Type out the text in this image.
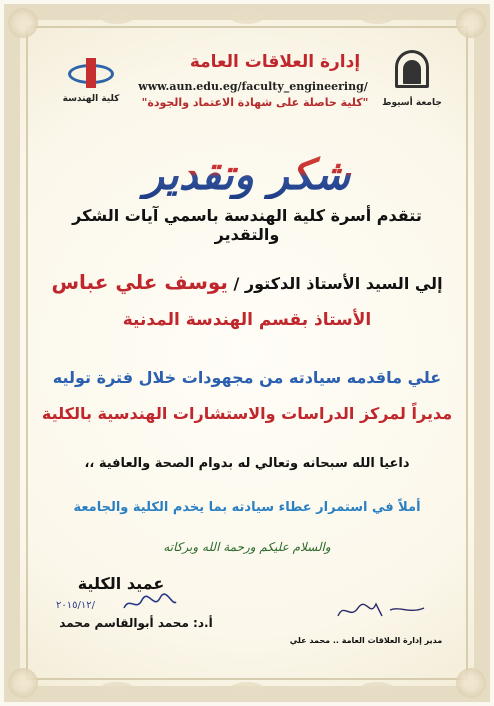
كلية الهندسة
إدارة العلاقات العامة
www.aun.edu.eg/faculty_engineering/
"كلية حاصلة على شهادة الاعتماد والجودة" جامعة أسيوط
شكر وتقدير
تتقدم أسرة كلية الهندسة باسمي آيات الشكر والتقدير
إلي السيد الأستاذ الدكتور / يوسف علي عباس
الأستاذ بقسم الهندسة المدنية
علي ماقدمه سيادته من مجهودات خلال فترة توليه
مديراً لمركز الدراسات والاستشارات الهندسية بالكلية
داعيا الله سبحانه وتعالي له بدوام الصحة والعافية ،،
أملاً في استمرار عطاء سيادته بما يخدم الكلية والجامعة
والسلام عليكم ورحمة الله وبركاته
عميد الكلية
٢٠١٥/١٢/
أ.د: محمد أبوالقاسم محمد
مدير إدارة العلاقات العامة .. محمد علي
